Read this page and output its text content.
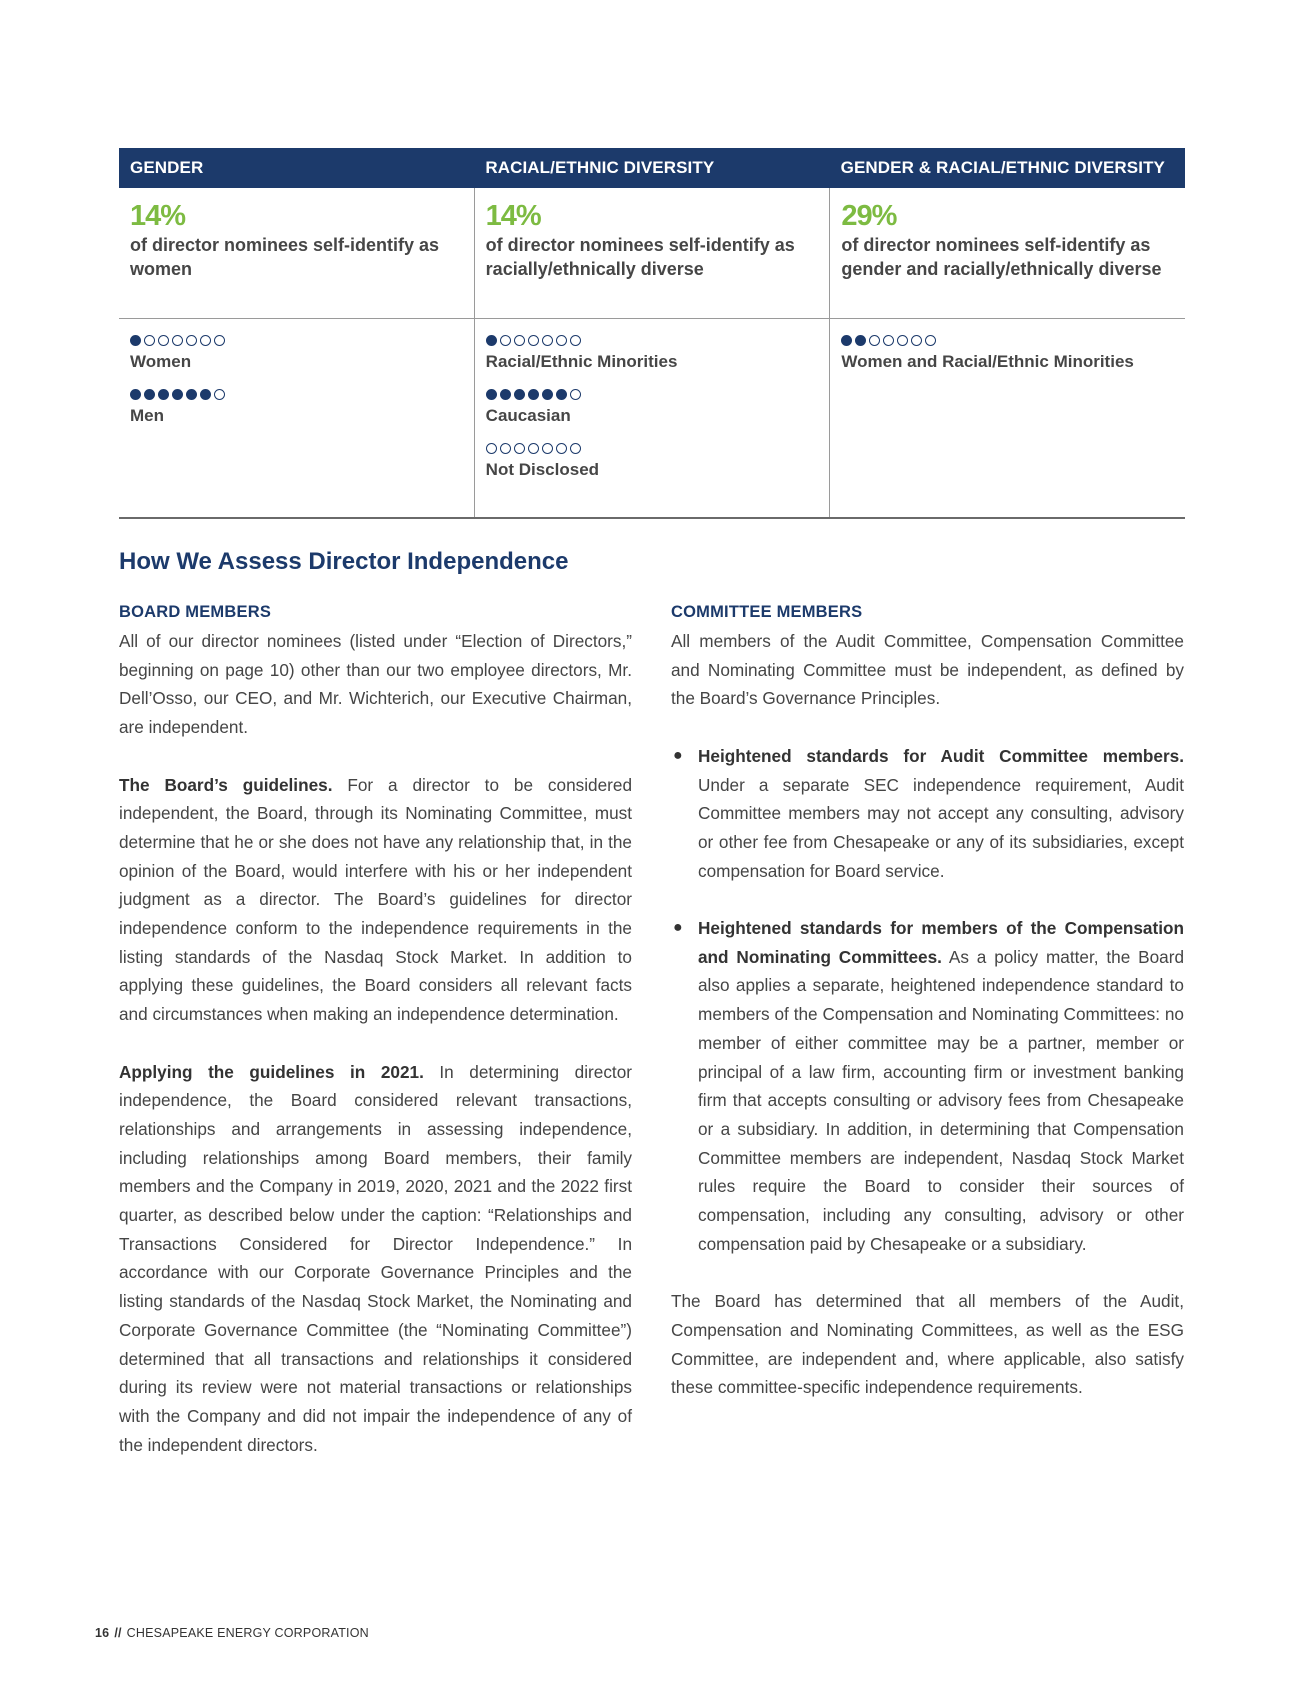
GENDER	RACIAL/ETHNIC DIVERSITY	GENDER & RACIAL/ETHNIC DIVERSITY
14%
of director nominees self-identify as women
14%
of director nominees self-identify as racially/ethnically diverse
29%
of director nominees self-identify as gender and racially/ethnically diverse
Women
Men
Racial/Ethnic Minorities
Caucasian
Not Disclosed
Women and Racial/Ethnic Minorities
How We Assess Director Independence
BOARD MEMBERS

All of our director nominees (listed under “Election of Directors,” beginning on page 10) other than our two employee directors, Mr. Dell’Osso, our CEO, and Mr. Wichterich, our Executive Chairman, are independent.

The Board’s guidelines. For a director to be considered independent, the Board, through its Nominating Committee, must determine that he or she does not have any relationship that, in the opinion of the Board, would interfere with his or her independent judgment as a director. The Board’s guidelines for director independence conform to the independence requirements in the listing standards of the Nasdaq Stock Market. In addition to applying these guidelines, the Board considers all relevant facts and circumstances when making an independence determination.

Applying the guidelines in 2021. In determining director independence, the Board considered relevant transactions, relationships and arrangements in assessing independence, including relationships among Board members, their family members and the Company in 2019, 2020, 2021 and the 2022 first quarter, as described below under the caption: “Relationships and Transactions Considered for Director Independence.” In accordance with our Corporate Governance Principles and the listing standards of the Nasdaq Stock Market, the Nominating and Corporate Governance Committee (the “Nominating Committee”) determined that all transactions and relationships it considered during its review were not material transactions or relationships with the Company and did not impair the independence of any of the independent directors.

COMMITTEE MEMBERS

All members of the Audit Committee, Compensation Committee and Nominating Committee must be independent, as defined by the Board’s Governance Principles.

● Heightened standards for Audit Committee members. Under a separate SEC independence requirement, Audit Committee members may not accept any consulting, advisory or other fee from Chesapeake or any of its subsidiaries, except compensation for Board service.
● Heightened standards for members of the Compensation and Nominating Committees. As a policy matter, the Board also applies a separate, heightened independence standard to members of the Compensation and Nominating Committees: no member of either committee may be a partner, member or principal of a law firm, accounting firm or investment banking firm that accepts consulting or advisory fees from Chesapeake or a subsidiary. In addition, in determining that Compensation Committee members are independent, Nasdaq Stock Market rules require the Board to consider their sources of compensation, including any consulting, advisory or other compensation paid by Chesapeake or a subsidiary.

The Board has determined that all members of the Audit, Compensation and Nominating Committees, as well as the ESG Committee, are independent and, where applicable, also satisfy these committee-specific independence requirements.

16 // CHESAPEAKE ENERGY CORPORATION
